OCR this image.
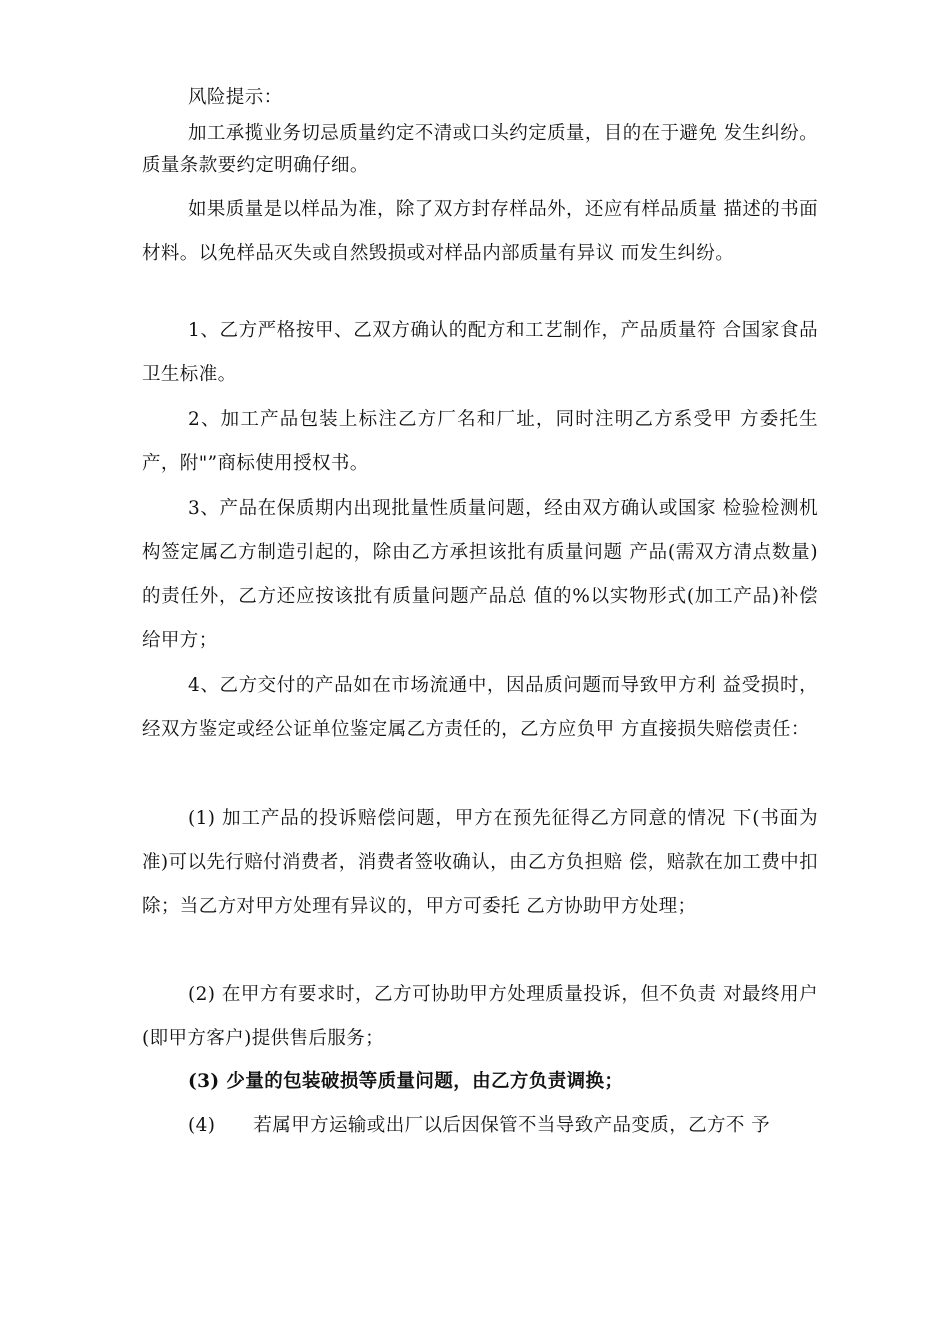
风险提示：

加工承揽业务切忌质量约定不清或口头约定质量，目的在于避免 发生纠纷。质量条款要约定明确仔细。

如果质量是以样品为准，除了双方封存样品外，还应有样品质量 描述的书面材料。以免样品灭失或自然毁损或对样品内部质量有异议 而发生纠纷。

1、乙方严格按甲、乙双方确认的配方和工艺制作，产品质量符 合国家食品卫生标准。

2、加工产品包装上标注乙方厂名和厂址，同时注明乙方系受甲 方委托生产，附"”商标使用授权书。

3、产品在保质期内出现批量性质量问题，经由双方确认或国家 检验检测机构签定属乙方制造引起的，除由乙方承担该批有质量问题 产品(需双方清点数量)的责任外，乙方还应按该批有质量问题产品总 值的%以实物形式(加工产品)补偿给甲方；

4、乙方交付的产品如在市场流通中，因品质问题而导致甲方利 益受损时，经双方鉴定或经公证单位鉴定属乙方责任的，乙方应负甲 方直接损失赔偿责任：

(1) 加工产品的投诉赔偿问题，甲方在预先征得乙方同意的情况 下(书面为准)可以先行赔付消费者，消费者签收确认，由乙方负担赔 偿，赔款在加工费中扣除；当乙方对甲方处理有异议的，甲方可委托 乙方协助甲方处理；

(2) 在甲方有要求时，乙方可协助甲方处理质量投诉，但不负责 对最终用户(即甲方客户)提供售后服务；

(3) 少量的包装破损等质量问题，由乙方负责调换；

(4) 若属甲方运输或出厂以后因保管不当导致产品变质，乙方不 予
